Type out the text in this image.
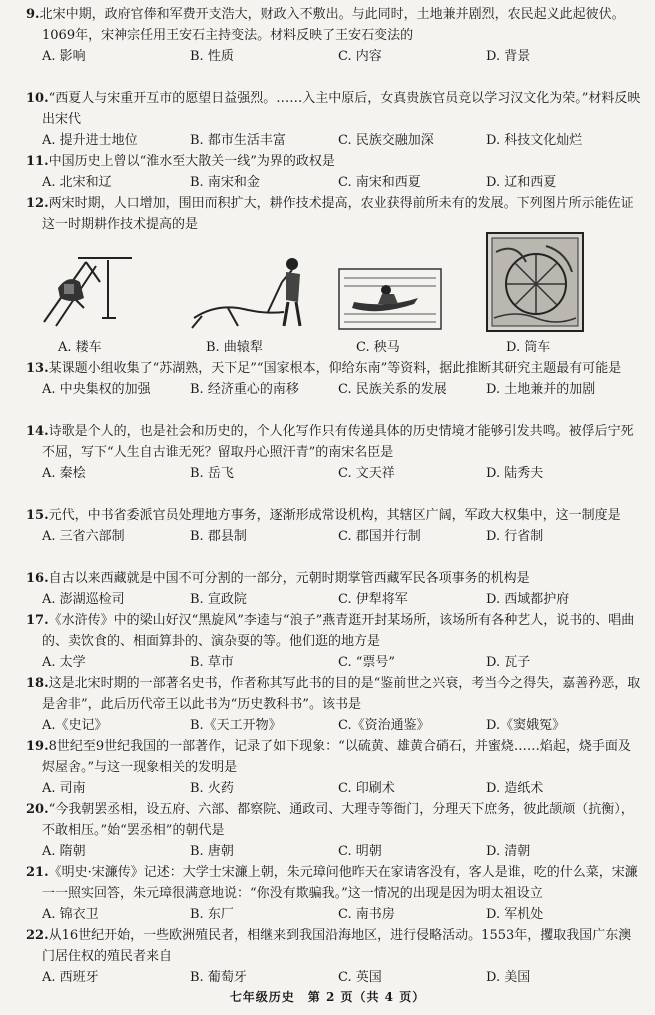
9.北宋中期，政府官俸和军费开支浩大，财政入不敷出。与此同时，土地兼并剧烈，农民起义此起彼伏。1069年，宋神宗任用王安石主持变法。材料反映了王安石变法的
A. 影响	B. 性质	C. 内容	D. 背景
10.“西夏人与宋重开互市的愿望日益强烈。……入主中原后，女真贵族官员竞以学习汉文化为荣。”材料反映出宋代
A. 提升进士地位	B. 都市生活丰富	C. 民族交融加深	D. 科技文化灿烂
11.中国历史上曾以“淮水至大散关一线”为界的政权是
A. 北宋和辽	B. 南宋和金	C. 南宋和西夏	D. 辽和西夏
12.两宋时期，人口增加，围田而积扩大，耕作技术提高，农业获得前所未有的发展。下列图片所示能佐证这一时期耕作技术提高的是
A. 耧车	B. 曲辕犁	C. 秧马	D. 筒车
13.某课题小组收集了“苏湖熟，天下足”“国家根本，仰给东南”等资料，据此推断其研究主题最有可能是
A. 中央集权的加强	B. 经济重心的南移	C. 民族关系的发展	D. 土地兼并的加剧
14.诗歌是个人的，也是社会和历史的，个人化写作只有传递具体的历史情境才能够引发共鸣。被俘后宁死不屈，写下“人生自古谁无死？留取丹心照汗青”的南宋名臣是
A. 秦桧	B. 岳飞	C. 文天祥	D. 陆秀夫
15.元代，中书省委派官员处理地方事务，逐渐形成常设机构，其辖区广阔，军政大权集中，这一制度是
A. 三省六部制	B. 郡县制	C. 郡国并行制	D. 行省制
16.自古以来西藏就是中国不可分割的一部分，元朝时期掌管西藏军民各项事务的机构是
A. 澎湖巡检司	B. 宣政院	C. 伊犁将军	D. 西域都护府
17.《水浒传》中的梁山好汉“黑旋风”李逵与“浪子”燕青逛开封某场所，该场所有各种艺人，说书的、唱曲的、卖饮食的、相面算卦的、演杂耍的等。他们逛的地方是
A. 太学	B. 草市	C. “票号”	D. 瓦子
18.这是北宋时期的一部著名史书，作者称其写此书的目的是“鉴前世之兴衰，考当今之得失，嘉善矜恶，取是舍非”，此后历代帝王以此书为“历史教科书”。该书是
A.《史记》	B.《天工开物》	C.《资治通鉴》	D.《窦娥冤》
19.8世纪至9世纪我国的一部著作，记录了如下现象：“以硫黄、雄黄合硝石，并蜜烧……焰起，烧手面及烬屋舍。”与这一现象相关的发明是
A. 司南	B. 火药	C. 印刷术	D. 造纸术
20.“今我朝罢丞相，设五府、六部、都察院、通政司、大理寺等衙门，分理天下庶务，彼此颉颃（抗衡），不敢相压。”始“罢丞相”的朝代是
A. 隋朝	B. 唐朝	C. 明朝	D. 清朝
21.《明史·宋濂传》记述：大学士宋濂上朝，朱元璋问他昨天在家请客没有，客人是谁，吃的什么菜，宋濂一一照实回答，朱元璋很满意地说：“你没有欺骗我。”这一情况的出现是因为明太祖设立
A. 锦衣卫	B. 东厂	C. 南书房	D. 军机处
22.从16世纪开始，一些欧洲殖民者，相继来到我国沿海地区，进行侵略活动。1553年，攫取我国广东澳门居住权的殖民者来自
A. 西班牙	B. 葡萄牙	C. 英国	D. 美国
七年级历史　第 2 页（共 4 页）
